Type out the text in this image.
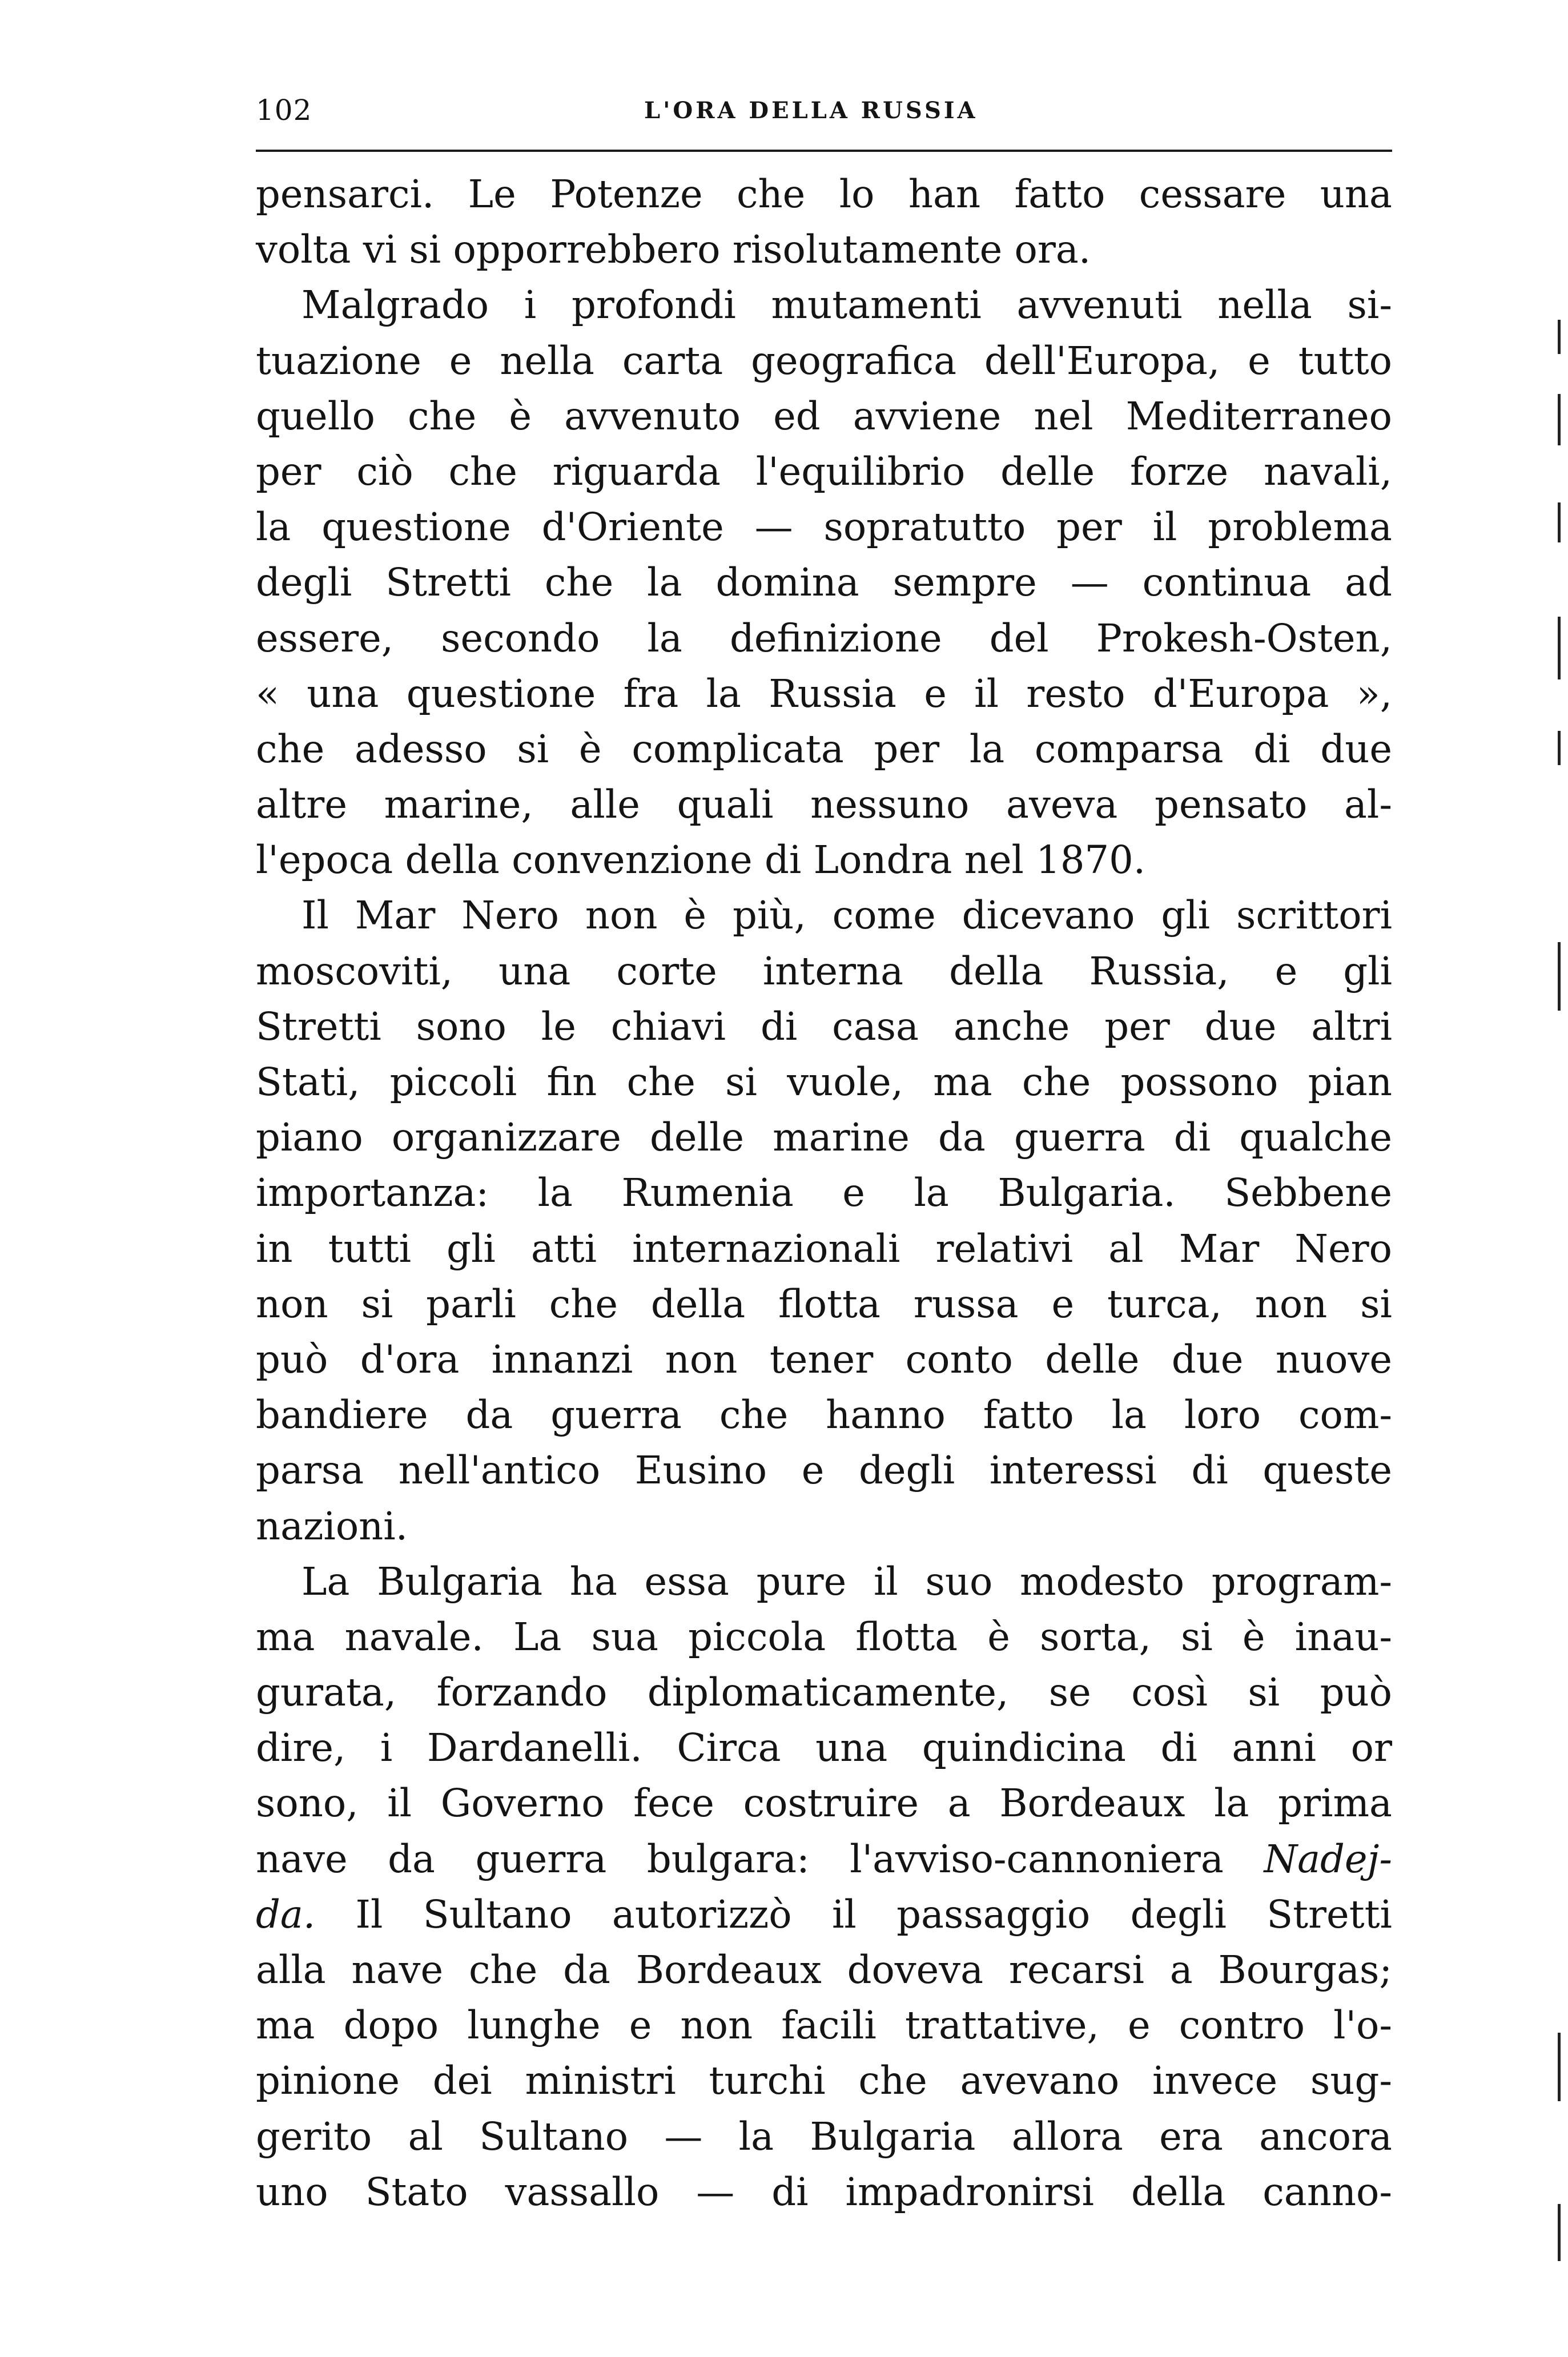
102	L'ORA DELLA RUSSIA
pensarci. Le Potenze che lo han fatto cessare una
volta vi si opporrebbero risolutamente ora.
Malgrado i profondi mutamenti avvenuti nella si-
tuazione e nella carta geografica dell'Europa, e tutto
quello che è avvenuto ed avviene nel Mediterraneo
per ciò che riguarda l'equilibrio delle forze navali,
la questione d'Oriente — sopratutto per il problema
degli Stretti che la domina sempre — continua ad
essere, secondo la definizione del Prokesh-Osten,
« una questione fra la Russia e il resto d'Europa »,
che adesso si è complicata per la comparsa di due
altre marine, alle quali nessuno aveva pensato al-
l'epoca della convenzione di Londra nel 1870.
Il Mar Nero non è più, come dicevano gli scrittori
moscoviti, una corte interna della Russia, e gli
Stretti sono le chiavi di casa anche per due altri
Stati, piccoli fin che si vuole, ma che possono pian
piano organizzare delle marine da guerra di qualche
importanza: la Rumenia e la Bulgaria. Sebbene
in tutti gli atti internazionali relativi al Mar Nero
non si parli che della flotta russa e turca, non si
può d'ora innanzi non tener conto delle due nuove
bandiere da guerra che hanno fatto la loro com-
parsa nell'antico Eusino e degli interessi di queste
nazioni.
La Bulgaria ha essa pure il suo modesto program-
ma navale. La sua piccola flotta è sorta, si è inau-
gurata, forzando diplomaticamente, se così si può
dire, i Dardanelli. Circa una quindicina di anni or
sono, il Governo fece costruire a Bordeaux la prima
nave da guerra bulgara: l'avviso-cannoniera Nadej-
da. Il Sultano autorizzò il passaggio degli Stretti
alla nave che da Bordeaux doveva recarsi a Bourgas;
ma dopo lunghe e non facili trattative, e contro l'o-
pinione dei ministri turchi che avevano invece sug-
gerito al Sultano — la Bulgaria allora era ancora
uno Stato vassallo — di impadronirsi della canno-
